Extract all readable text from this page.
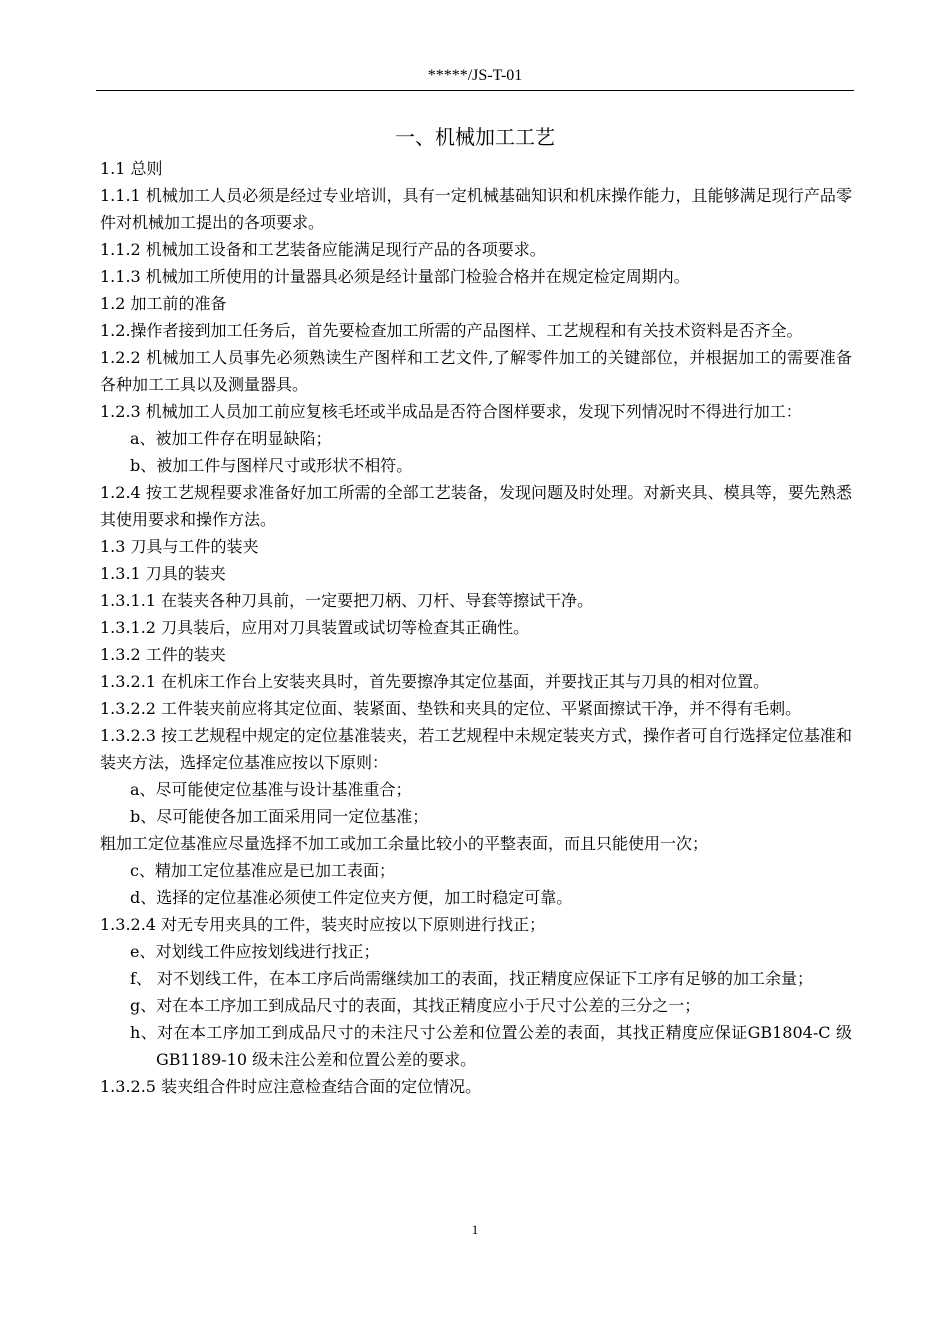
*****/JS-T-01
一、机械加工工艺
1.1 总则
1.1.1 机械加工人员必须是经过专业培训，具有一定机械基础知识和机床操作能力，且能够满足现行产品零件对机械加工提出的各项要求。
1.1.2 机械加工设备和工艺装备应能满足现行产品的各项要求。
1.1.3 机械加工所使用的计量器具必须是经计量部门检验合格并在规定检定周期内。
1.2 加工前的准备
1.2.操作者接到加工任务后，首先要检查加工所需的产品图样、工艺规程和有关技术资料是否齐全。
1.2.2 机械加工人员事先必须熟读生产图样和工艺文件,了解零件加工的关键部位，并根据加工的需要准备各种加工工具以及测量器具。
1.2.3 机械加工人员加工前应复核毛坯或半成品是否符合图样要求，发现下列情况时不得进行加工：
a、被加工件存在明显缺陷；
b、被加工件与图样尺寸或形状不相符。
1.2.4 按工艺规程要求准备好加工所需的全部工艺装备，发现问题及时处理。对新夹具、模具等，要先熟悉其使用要求和操作方法。
1.3 刀具与工件的装夹
1.3.1 刀具的装夹
1.3.1.1 在装夹各种刀具前，一定要把刀柄、刀杆、导套等擦试干净。
1.3.1.2 刀具装后，应用对刀具装置或试切等检查其正确性。
1.3.2 工件的装夹
1.3.2.1 在机床工作台上安装夹具时，首先要擦净其定位基面，并要找正其与刀具的相对位置。
1.3.2.2 工件装夹前应将其定位面、装紧面、垫铁和夹具的定位、平紧面擦试干净，并不得有毛刺。
1.3.2.3 按工艺规程中规定的定位基准装夹，若工艺规程中未规定装夹方式，操作者可自行选择定位基准和装夹方法，选择定位基准应按以下原则：
a、尽可能使定位基准与设计基准重合；
b、尽可能使各加工面采用同一定位基准；
粗加工定位基准应尽量选择不加工或加工余量比较小的平整表面，而且只能使用一次；
c、精加工定位基准应是已加工表面；
d、选择的定位基准必须使工件定位夹方便，加工时稳定可靠。
1.3.2.4 对无专用夹具的工件，装夹时应按以下原则进行找正；
e、对划线工件应按划线进行找正；
f、 对不划线工件，在本工序后尚需继续加工的表面，找正精度应保证下工序有足够的加工余量；
g、对在本工序加工到成品尺寸的表面，其找正精度应小于尺寸公差的三分之一；
h、对在本工序加工到成品尺寸的未注尺寸公差和位置公差的表面，其找正精度应保证GB1804-C 级 GB1189-10 级未注公差和位置公差的要求。
1.3.2.5 装夹组合件时应注意检查结合面的定位情况。
1
